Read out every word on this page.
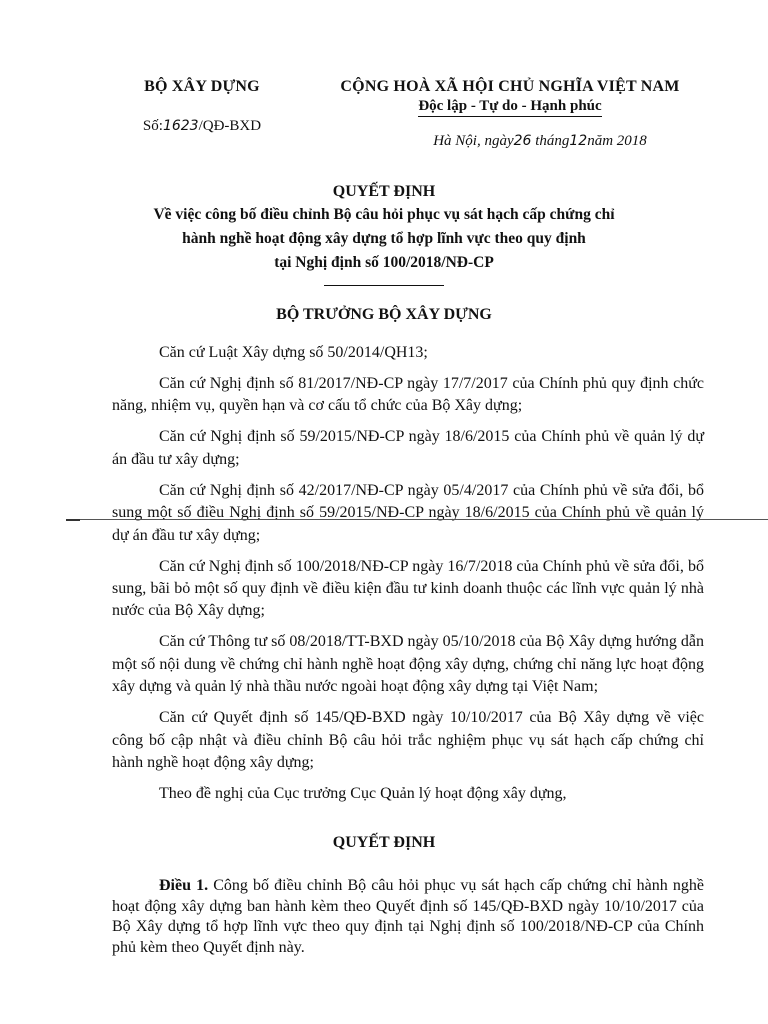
BỘ XÂY DỰNG
Số:1623/QĐ-BXD
CỘNG HOÀ XÃ HỘI CHỦ NGHĨA VIỆT NAM
Độc lập - Tự do - Hạnh phúc
Hà Nội, ngày26 tháng12năm 2018
QUYẾT ĐỊNH
Về việc công bố điều chỉnh Bộ câu hỏi phục vụ sát hạch cấp chứng chỉ
hành nghề hoạt động xây dựng tổ hợp lĩnh vực theo quy định
tại Nghị định số 100/2018/NĐ-CP
BỘ TRƯỞNG BỘ XÂY DỰNG

Căn cứ Luật Xây dựng số 50/2014/QH13;

Căn cứ Nghị định số 81/2017/NĐ-CP ngày 17/7/2017 của Chính phủ quy định chức năng, nhiệm vụ, quyền hạn và cơ cấu tổ chức của Bộ Xây dựng;

Căn cứ Nghị định số 59/2015/NĐ-CP ngày 18/6/2015 của Chính phủ về quản lý dự án đầu tư xây dựng;

Căn cứ Nghị định số 42/2017/NĐ-CP ngày 05/4/2017 của Chính phủ về sửa đổi, bổ sung một số điều Nghị định số 59/2015/NĐ-CP ngày 18/6/2015 của Chính phủ về quản lý dự án đầu tư xây dựng;

Căn cứ Nghị định số 100/2018/NĐ-CP ngày 16/7/2018 của Chính phủ về sửa đổi, bổ sung, bãi bỏ một số quy định về điều kiện đầu tư kinh doanh thuộc các lĩnh vực quản lý nhà nước của Bộ Xây dựng;

Căn cứ Thông tư số 08/2018/TT-BXD ngày 05/10/2018 của Bộ Xây dựng hướng dẫn một số nội dung về chứng chỉ hành nghề hoạt động xây dựng, chứng chỉ năng lực hoạt động xây dựng và quản lý nhà thầu nước ngoài hoạt động xây dựng tại Việt Nam;

Căn cứ Quyết định số 145/QĐ-BXD ngày 10/10/2017 của Bộ Xây dựng về việc công bố cập nhật và điều chỉnh Bộ câu hỏi trắc nghiệm phục vụ sát hạch cấp chứng chỉ hành nghề hoạt động xây dựng;

Theo đề nghị của Cục trưởng Cục Quản lý hoạt động xây dựng,

QUYẾT ĐỊNH

Điều 1. Công bố điều chỉnh Bộ câu hỏi phục vụ sát hạch cấp chứng chỉ hành nghề hoạt động xây dựng ban hành kèm theo Quyết định số 145/QĐ-BXD ngày 10/10/2017 của Bộ Xây dựng tổ hợp lĩnh vực theo quy định tại Nghị định số 100/2018/NĐ-CP của Chính phủ kèm theo Quyết định này.
